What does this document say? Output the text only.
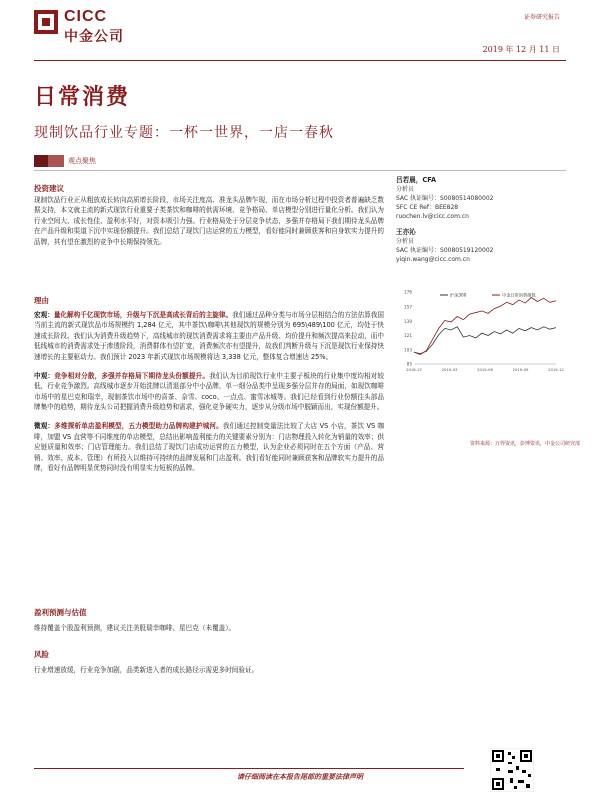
CICC
中金公司
证券研究报告
2019 年 12 月 11 日
日常消费
现制饮品行业专题：一杯一世界，一店一春秋
观点聚焦
投资建议
现制饮品行业正从粗放成长转向高质增长阶段，市场关注度高、准龙头品牌乍现，而在市场分析过程中投资者普遍缺乏数据支持，本文就主流的新式现饮行业重要子类茶饮和咖啡的供需环境、竞争格局、单店模型分别进行量化分析。我们认为行业空间大、成长性佳、盈利水平好，对资本吸引力强。行业格局处于分层竞争状态，多强并存格局下我们期待龙头品牌在产品升级和渠道下沉中实现份额提升。我们总结了现饮门店运营的五力模型，看好能同时兼顾获客和自身软实力提升的品牌，其有望在激烈的竞争中长期保持领先。
理由
宏观：量化解构千亿现饮市场，升级与下沉是高成长背后的主旋律。我们通过品种分类与市场分层相结合的方法估算我国当前主流的新式现饮品市场规模约 1,284 亿元，其中茶饮\咖啡\其他现饮的规模分别为 695\489\100 亿元，均处于快速成长阶段。我们认为消费升级趋势下，高线城市的现饮消费需求将主要由产品升级、均价提升和频次提高来拉动，而中低线城市的消费需求处于渗透阶段，消费群体有望扩宽，消费频次亦有望提升，故我们判断升级与下沉是现饮行业保持快速增长的主要驱动力。我们预计 2023 年新式现饮市场规模将达 3,338 亿元，整体复合增速达 25%。
中观：竞争相对分散，多强并存格局下期待龙头份额提升。我们认为目前现饮行业中主要子板块的行业集中度均相对较低，行业竞争激烈。高线城市逐步开始洗牌以清退部分中小品牌，单一细分品类中呈现多强分层并存的局面，如现饮咖啡市场中的星巴克和瑞幸，现制茶饮市场中的喜茶、奈雪、coco、一点点、蜜雪冰城等。我们已经看到行业份额往头部品牌集中的趋势，期待龙头公司把握消费升级趋势和需求，强化竞争硬实力，逐步从分级市场中脱颖而出，实现份额提升。
微观：多维探析单店盈利模型，五力模型助力品牌构建护城河。我们通过控制变量法比较了大店 VS 小店，茶饮 VS 咖啡，加盟 VS 直营等不同维度的单店模型，总结出影响盈利能力的关键要素分别为：门店物理投入转化为销量的效率；供应链质量和效率；门店管理能力。我们总结了现饮门店成功运营的五力模型，认为企业必须同时在五个方面（产品、营销、效率、成本、管理）有所投入以维持可持续的品牌发展和门店盈利。我们看好能同时兼顾获客和品牌软实力提升的品牌，看好有品牌明显优势同时没有明显实力短板的品牌。
盈利预测与估值
维持覆盖个股盈利预测，建议关注美股瑞幸咖啡、星巴克（未覆盖）。
风险
行业增速放缓，行业竞争加剧，品类新进入者的成长路径示需更多时间验证。
吕若晨，CFA
分析员
SAC 执证编号：S0080514080002
SFC CE Ref：BEE828
ruochen.lv@cicc.com.cn
王亦沁
分析员
SAC 执证编号：S0080519120002
yiqin.wang@cicc.com.cn
85
103
121
139
157
176
2018-12	2019-03	2019-06	2019-09	2019-12
沪深300	中金日常消费指数
资料来源：万得资讯，彭博资讯，中金公司研究部
请仔细阅读在本报告尾部的重要法律声明
